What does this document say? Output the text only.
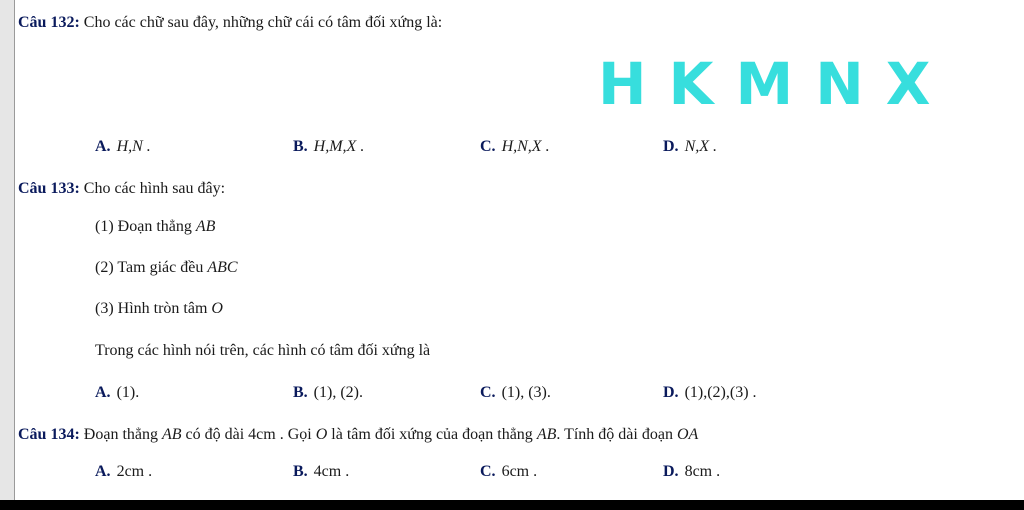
Câu 132: Cho các chữ sau đây, những chữ cái có tâm đối xứng là:
H K M N X
A. H,N .	B. H,M,X .	C. H,N,X .	D. N,X .
Câu 133: Cho các hình sau đây:
(1) Đoạn thẳng AB
(2) Tam giác đều ABC
(3) Hình tròn tâm O
Trong các hình nói trên, các hình có tâm đối xứng là
A. (1).	B. (1), (2).	C. (1), (3).	D. (1),(2),(3) .
Câu 134: Đoạn thẳng AB có độ dài 4cm . Gọi O là tâm đối xứng của đoạn thẳng AB. Tính độ dài đoạn OA
A. 2cm .	B. 4cm .	C. 6cm .	D. 8cm .
